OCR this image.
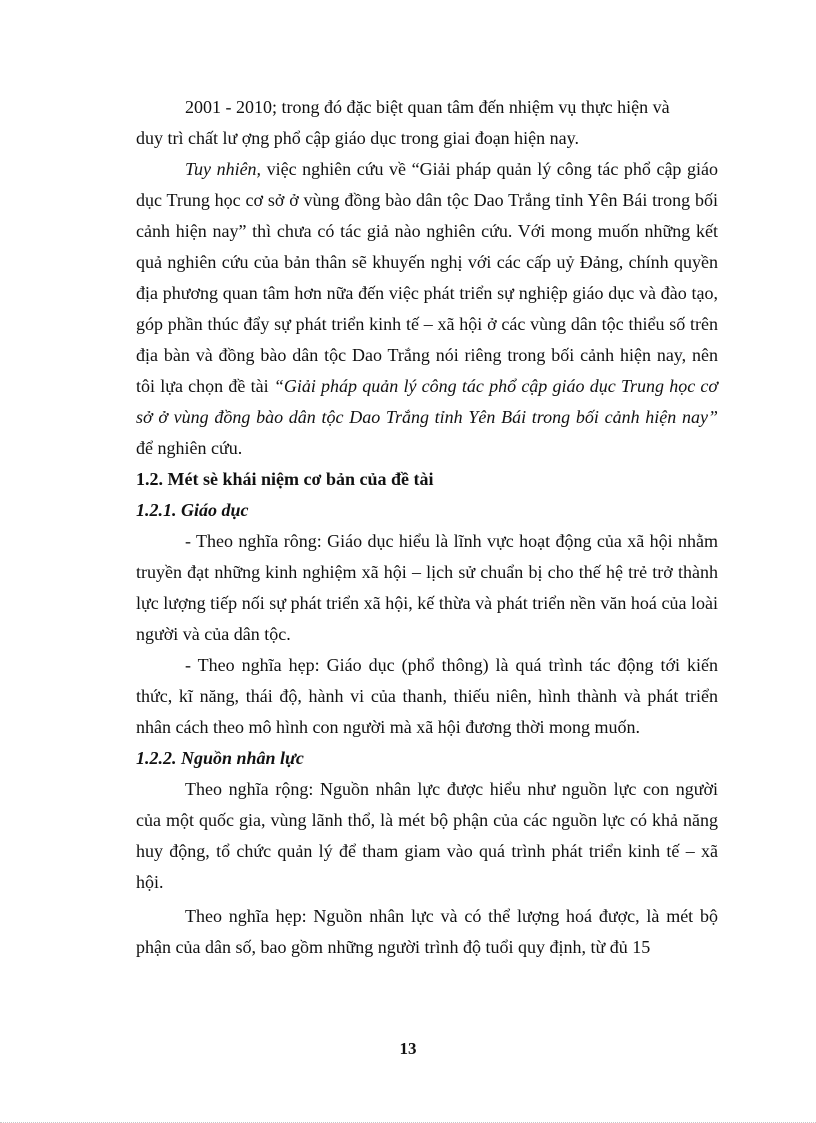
2001 - 2010; trong đó đặc biệt quan tâm đến nhiệm vụ thực hiện và
duy trì chất lư ợng phổ cập giáo dục trong giai đoạn hiện nay.

Tuy nhiên, việc nghiên cứu về “Giải pháp quản lý công tác phổ cập giáo dục Trung học cơ sở ở vùng đồng bào dân tộc Dao Trắng tỉnh Yên Bái trong bối cảnh hiện nay” thì chưa có tác giả nào nghiên cứu. Với mong muốn những kết quả nghiên cứu của bản thân sẽ khuyến nghị với các cấp uỷ Đảng, chính quyền địa phương quan tâm hơn nữa đến việc phát triển sự nghiệp giáo dục và đào tạo, góp phần thúc đẩy sự phát triển kinh tế – xã hội ở các vùng dân tộc thiểu số trên địa bàn và đồng bào dân tộc Dao Trắng nói riêng trong bối cảnh hiện nay, nên tôi lựa chọn đề tài “Giải pháp quản lý công tác phổ cập giáo dục Trung học cơ sở ở vùng đồng bào dân tộc Dao Trắng tỉnh Yên Bái trong bối cảnh hiện nay” để nghiên cứu.

1.2. Mét sè khái niệm cơ bản của đề tài
1.2.1. Giáo dục

- Theo nghĩa rông: Giáo dục hiểu là lĩnh vực hoạt động của xã hội nhằm truyền đạt những kinh nghiệm xã hội – lịch sử chuẩn bị cho thế hệ trẻ trở thành lực lượng tiếp nối sự phát triển xã hội, kế thừa và phát triển nền văn hoá của loài người và của dân tộc.

- Theo nghĩa hẹp: Giáo dục (phổ thông) là quá trình tác động tới kiến thức, kĩ năng, thái độ, hành vi của thanh, thiếu niên, hình thành và phát triển nhân cách theo mô hình con người mà xã hội đương thời mong muốn.

1.2.2. Nguồn nhân lực

Theo nghĩa rộng: Nguồn nhân lực được hiểu như nguồn lực con người của một quốc gia, vùng lãnh thổ, là mét bộ phận của các nguồn lực có khả năng huy động, tổ chức quản lý để tham giam vào quá trình phát triển kinh tế – xã hội.

Theo nghĩa hẹp: Nguồn nhân lực và có thể lượng hoá được, là mét bộ phận của dân số, bao gồm những người trình độ tuổi quy định, từ đủ 15

13
